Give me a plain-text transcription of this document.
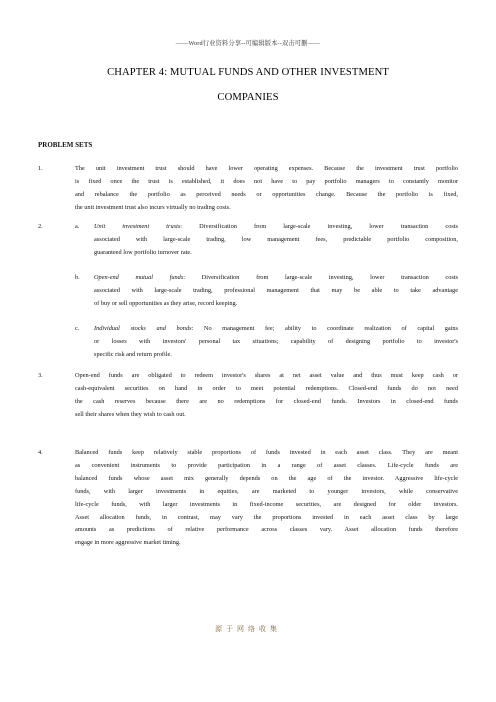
——Word行业资料分享--可编辑版本--双击可删——
CHAPTER 4: MUTUAL FUNDS AND OTHER INVESTMENT
COMPANIES
PROBLEM SETS
1.	The unit investment trust should have lower operating expenses. Because the investment trust portfolio
is fixed once the trust is established, it does not have to pay portfolio managers to constantly monitor
and rebalance the portfolio as perceived needs or opportunities change. Because the portfolio is fixed,
the unit investment trust also incurs virtually no trading costs.
2.	a. Unit investment trusts: Diversification from large-scale investing, lower transaction costs
associated with large-scale trading, low management fees, predictable portfolio composition,
guaranteed low portfolio turnover rate.
b. Open-end mutual funds: Diversification from large-scale investing, lower transaction costs
associated with large-scale trading, professional management that may be able to take advantage
of buy or sell opportunities as they arise, record keeping.
c. Individual stocks and bonds: No management fee; ability to coordinate realization of capital gains
or losses with investors' personal tax situations; capability of designing portfolio to investor's
specific risk and return profile.
3.	Open-end funds are obligated to redeem investor's shares at net asset value and thus must keep cash or
cash-equivalent securities on hand in order to meet potential redemptions. Closed-end funds do not need
the cash reserves because there are no redemptions for closed-end funds. Investors in closed-end funds
sell their shares when they wish to cash out.
4.	Balanced funds keep relatively stable proportions of funds invested in each asset class. They are meant
as convenient instruments to provide participation in a range of asset classes. Life-cycle funds are
balanced funds whose asset mix generally depends on the age of the investor. Aggressive life-cycle
funds, with larger investments in equities, are marketed to younger investors, while conservative
life-cycle funds, with larger investments in fixed-income securities, are designed for older investors.
Asset allocation funds, in contrast, may vary the proportions invested in each asset class by large
amounts as predictions of relative performance across classes vary. Asset allocation funds therefore
engage in more aggressive market timing.
源于网络收集
